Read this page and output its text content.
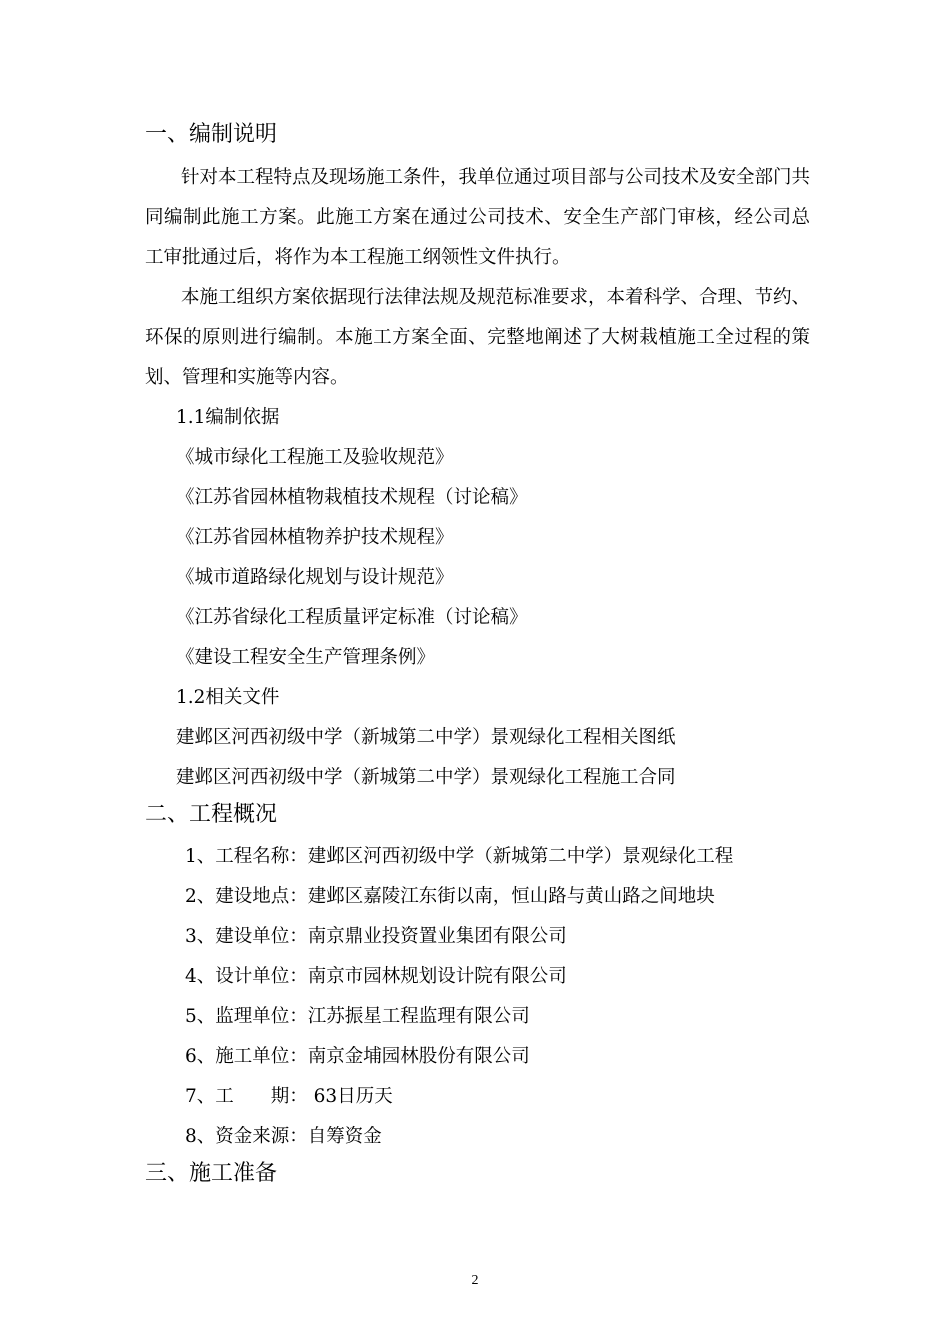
一、编制说明

针对本工程特点及现场施工条件，我单位通过项目部与公司技术及安全部门共同编制此施工方案。此施工方案在通过公司技术、安全生产部门审核，经公司总工审批通过后，将作为本工程施工纲领性文件执行。

本施工组织方案依据现行法律法规及规范标准要求，本着科学、合理、节约、环保的原则进行编制。本施工方案全面、完整地阐述了大树栽植施工全过程的策划、管理和实施等内容。

1.1编制依据
《城市绿化工程施工及验收规范》
《江苏省园林植物栽植技术规程（讨论稿》
《江苏省园林植物养护技术规程》
《城市道路绿化规划与设计规范》
《江苏省绿化工程质量评定标准（讨论稿》
《建设工程安全生产管理条例》
1.2相关文件
建邺区河西初级中学（新城第二中学）景观绿化工程相关图纸
建邺区河西初级中学（新城第二中学）景观绿化工程施工合同
二、工程概况
1、工程名称：建邺区河西初级中学（新城第二中学）景观绿化工程
2、建设地点：建邺区嘉陵江东街以南，恒山路与黄山路之间地块
3、建设单位：南京鼎业投资置业集团有限公司
4、设计单位：南京市园林规划设计院有限公司
5、监理单位：江苏振星工程监理有限公司
6、施工单位：南京金埔园林股份有限公司
7、工　　期： 63日历天
8、资金来源：自筹资金
三、施工准备
2
